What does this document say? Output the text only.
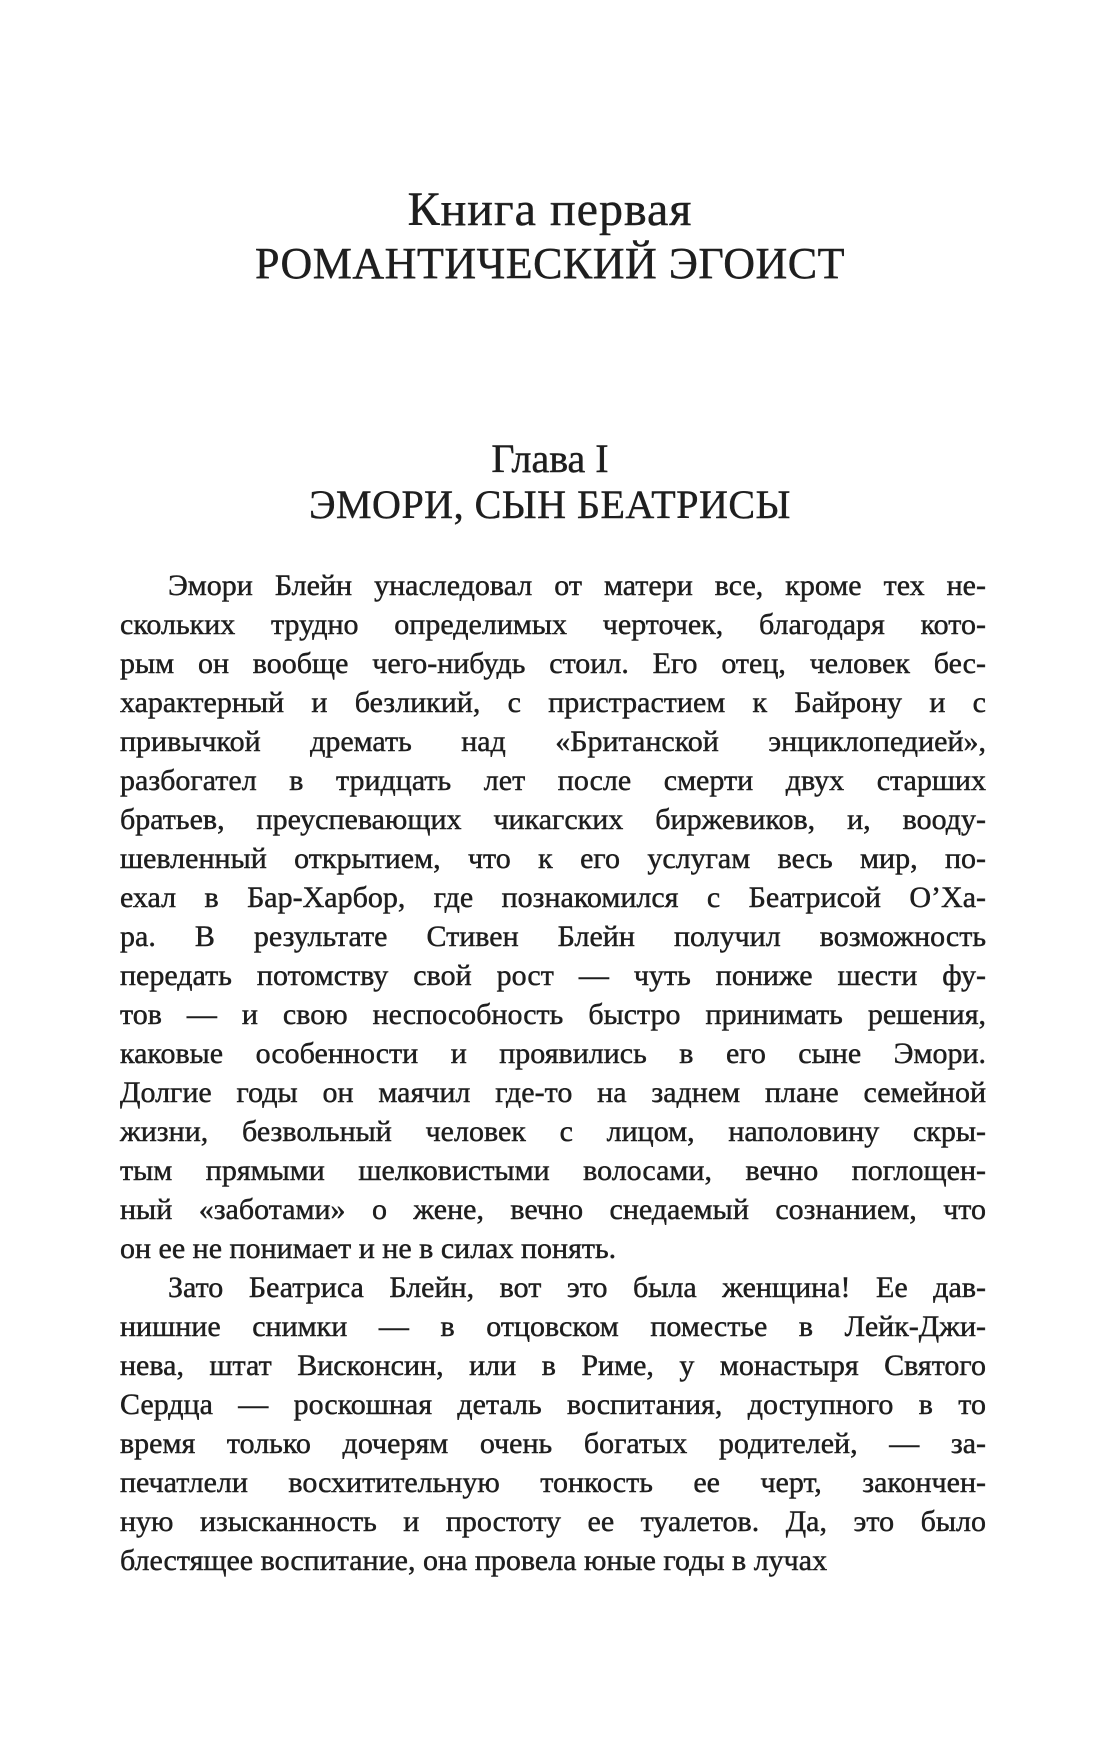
Книга первая
РОМАНТИЧЕСКИЙ ЭГОИСТ
Глава I
ЭМОРИ, СЫН БЕАТРИСЫ
Эмори Блейн унаследовал от матери все, кроме тех не-
скольких трудно определимых черточек, благодаря кото-
рым он вообще чего-нибудь стоил. Его отец, человек бес-
характерный и безликий, с пристрастием к Байрону и с
привычкой дремать над «Британской энциклопедией»,
разбогател в тридцать лет после смерти двух старших
братьев, преуспевающих чикагских биржевиков, и, вооду-
шевленный открытием, что к его услугам весь мир, по-
ехал в Бар-Харбор, где познакомился с Беатрисой О’Ха-
ра. В результате Стивен Блейн получил возможность
передать потомству свой рост — чуть пониже шести фу-
тов — и свою неспособность быстро принимать решения,
каковые особенности и проявились в его сыне Эмори.
Долгие годы он маячил где-то на заднем плане семейной
жизни, безвольный человек с лицом, наполовину скры-
тым прямыми шелковистыми волосами, вечно поглощен-
ный «заботами» о жене, вечно снедаемый сознанием, что
он ее не понимает и не в силах понять.
Зато Беатриса Блейн, вот это была женщина! Ее дав-
нишние снимки — в отцовском поместье в Лейк-Джи-
нева, штат Висконсин, или в Риме, у монастыря Святого
Сердца — роскошная деталь воспитания, доступного в то
время только дочерям очень богатых родителей, — за-
печатлели восхитительную тонкость ее черт, закончен-
ную изысканность и простоту ее туалетов. Да, это было
блестящее воспитание, она провела юные годы в лучах
